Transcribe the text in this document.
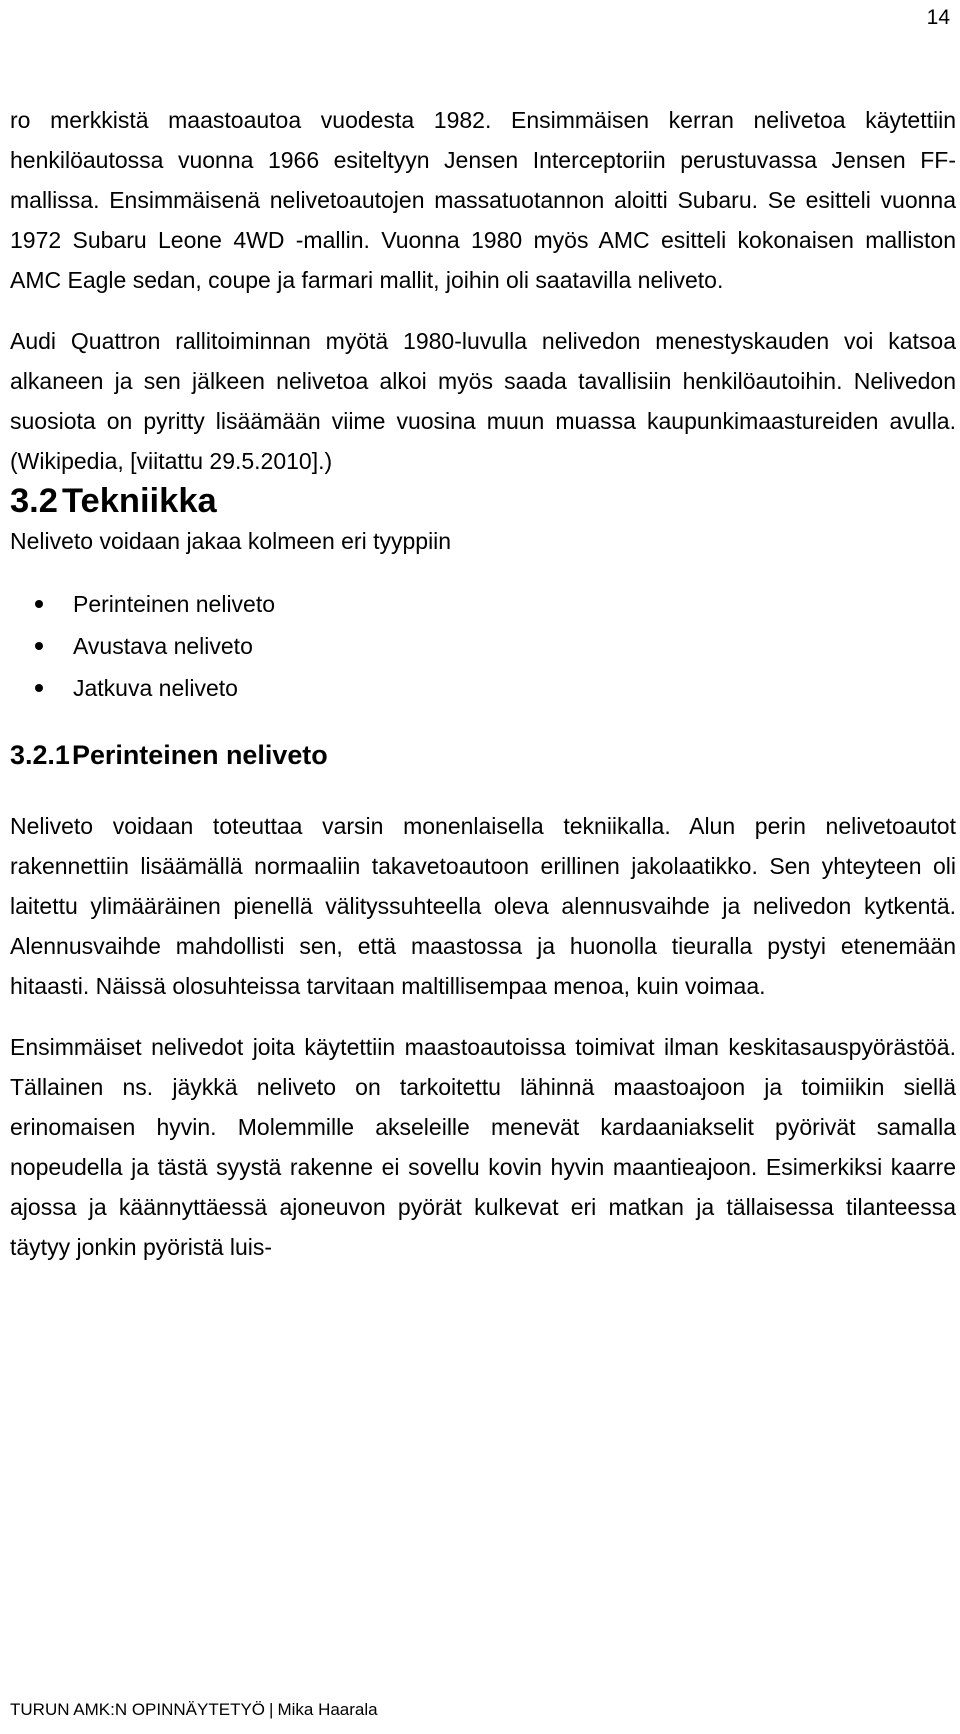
14

ro merkkistä maastoautoa vuodesta 1982. Ensimmäisen kerran nelivetoa käytettiin henkilöautossa vuonna 1966 esiteltyyn Jensen Interceptoriin perustuvassa Jensen FF-mallissa. Ensimmäisenä nelivetoautojen massatuotannon aloitti Subaru. Se esitteli vuonna 1972 Subaru Leone 4WD -mallin. Vuonna 1980 myös AMC esitteli kokonaisen malliston AMC Eagle sedan, coupe ja farmari mallit, joihin oli saatavilla neliveto.

Audi Quattron rallitoiminnan myötä 1980-luvulla nelivedon menestyskauden voi katsoa alkaneen ja sen jälkeen nelivetoa alkoi myös saada tavallisiin henkilöautoihin. Nelivedon suosiota on pyritty lisäämään viime vuosina muun muassa kaupunkimaastureiden avulla. (Wikipedia, [viitattu 29.5.2010].)

3.2 Tekniikka

Neliveto voidaan jakaa kolmeen eri tyyppiin

Perinteinen neliveto
Avustava neliveto
Jatkuva neliveto
3.2.1Perinteinen neliveto

Neliveto voidaan toteuttaa varsin monenlaisella tekniikalla. Alun perin nelivetoautot rakennettiin lisäämällä normaaliin takavetoautoon erillinen jakolaatikko. Sen yhteyteen oli laitettu ylimääräinen pienellä välityssuhteella oleva alennusvaihde ja nelivedon kytkentä. Alennusvaihde mahdollisti sen, että maastossa ja huonolla tieuralla pystyi etenemään hitaasti. Näissä olosuhteissa tarvitaan maltillisempaa menoa, kuin voimaa.

Ensimmäiset nelivedot joita käytettiin maastoautoissa toimivat ilman keskitasauspyörästöä. Tällainen ns. jäykkä neliveto on tarkoitettu lähinnä maastoajoon ja toimiikin siellä erinomaisen hyvin. Molemmille akseleille menevät kardaaniakselit pyörivät samalla nopeudella ja tästä syystä rakenne ei sovellu kovin hyvin maantieajoon. Esimerkiksi kaarre ajossa ja käännyttäessä ajoneuvon pyörät kulkevat eri matkan ja tällaisessa tilanteessa täytyy jonkin pyöristä luis-

TURUN AMK:N OPINNÄYTETYÖ | Mika Haarala
